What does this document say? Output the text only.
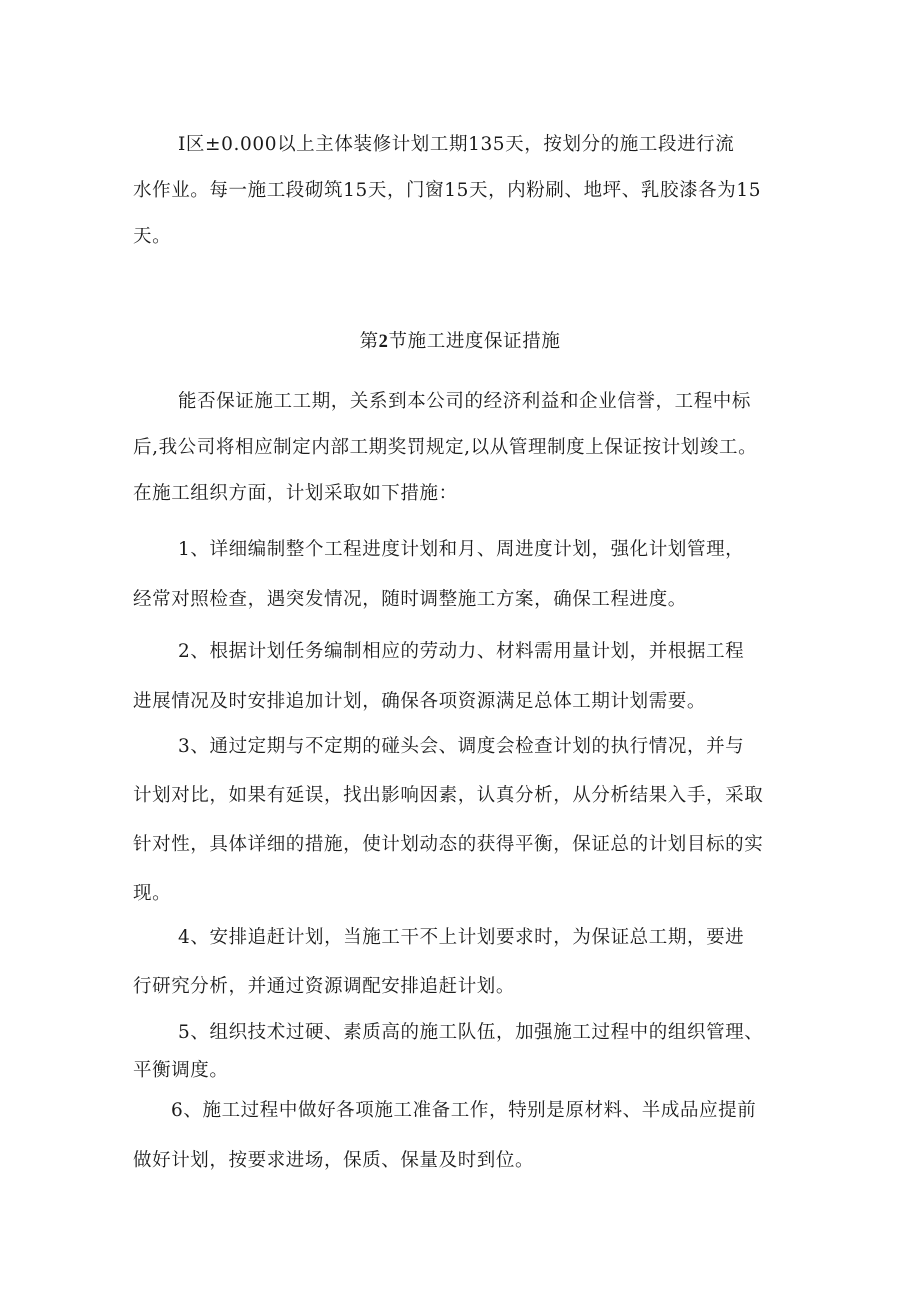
Ⅰ区±0.000以上主体装修计划工期135天，按划分的施工段进行流
水作业。每一施工段砌筑15天，门窗15天，内粉刷、地坪、乳胶漆各为15
天。
第2节施工进度保证措施
能否保证施工工期，关系到本公司的经济利益和企业信誉，工程中标
后,我公司将相应制定内部工期奖罚规定,以从管理制度上保证按计划竣工。
在施工组织方面，计划采取如下措施：
1、详细编制整个工程进度计划和月、周进度计划，强化计划管理，
经常对照检查，遇突发情况，随时调整施工方案，确保工程进度。
2、根据计划任务编制相应的劳动力、材料需用量计划，并根据工程
进展情况及时安排追加计划，确保各项资源满足总体工期计划需要。
3、通过定期与不定期的碰头会、调度会检查计划的执行情况，并与
计划对比，如果有延误，找出影响因素，认真分析，从分析结果入手，采取
针对性，具体详细的措施，使计划动态的获得平衡，保证总的计划目标的实
现。
4、安排追赶计划，当施工干不上计划要求时，为保证总工期，要进
行研究分析，并通过资源调配安排追赶计划。
5、组织技术过硬、素质高的施工队伍，加强施工过程中的组织管理、
平衡调度。
6、施工过程中做好各项施工准备工作，特别是原材料、半成品应提前
做好计划，按要求进场，保质、保量及时到位。
